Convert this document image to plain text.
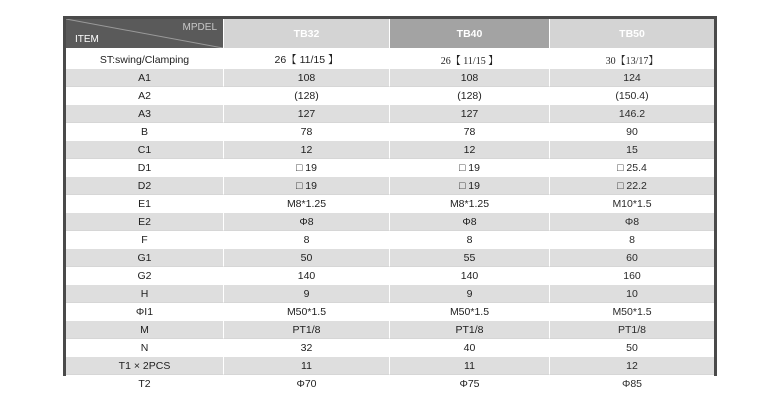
MPDEL
ITEM	TB32	TB40	TB50
ST:swing/Clamping	26【 11/15 】	26【 11/15 】	30【13/17】
A1	108	108	124
A2	(128)	(128)	(150.4)
A3	127	127	146.2
B	78	78	90
C1	12	12	15
D1	□ 19	□ 19	□ 25.4
D2	□ 19	□ 19	□ 22.2
E1	M8*1.25	M8*1.25	M10*1.5
E2	Φ8	Φ8	Φ8
F	8	8	8
G1	50	55	60
G2	140	140	160
H	9	9	10
ΦI1	M50*1.5	M50*1.5	M50*1.5
M	PT1/8	PT1/8	PT1/8
N	32	40	50
T1 × 2PCS	11	11	12
T2	Φ70	Φ75	Φ85
